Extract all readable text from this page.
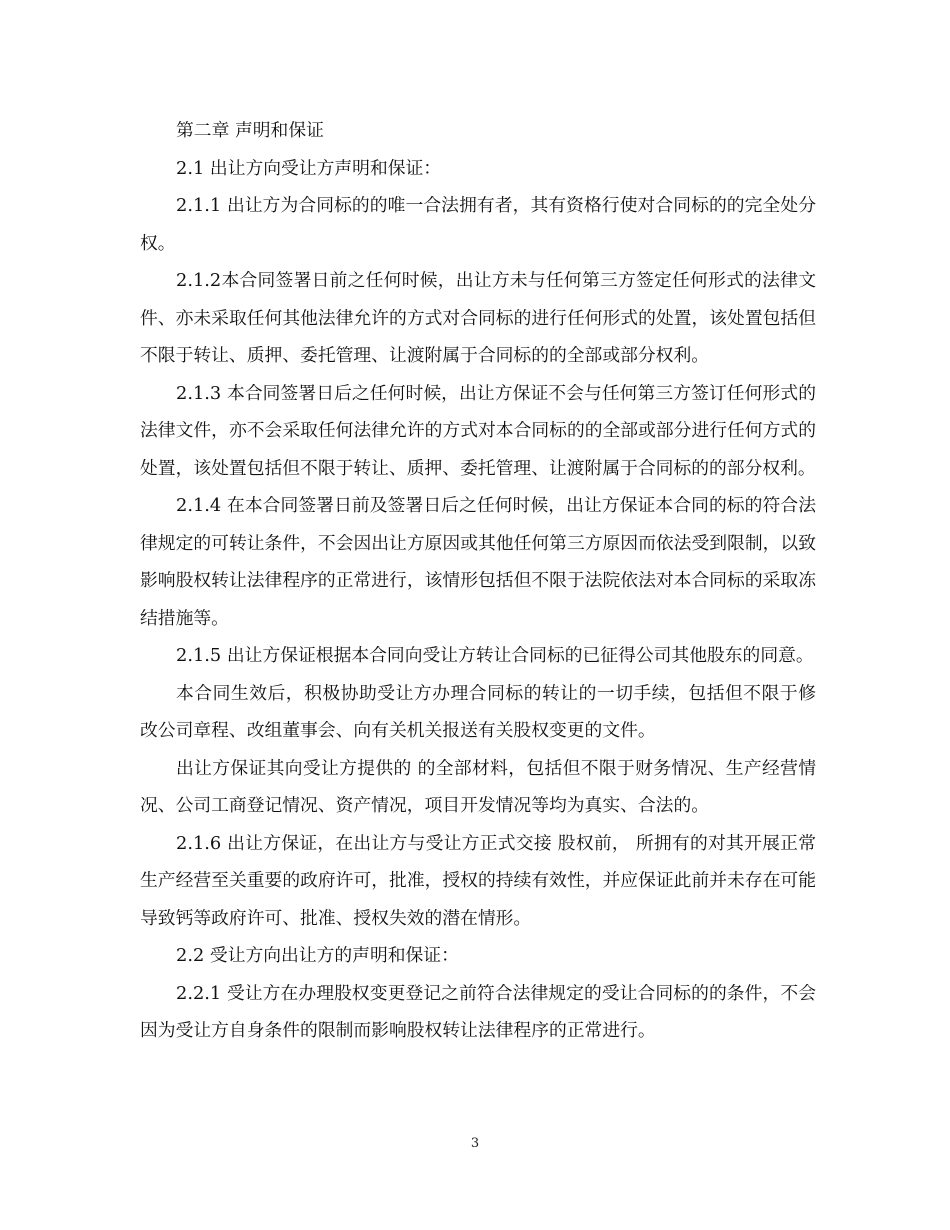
第二章 声明和保证

2.1 出让方向受让方声明和保证：

2.1.1 出让方为合同标的的唯一合法拥有者，其有资格行使对合同标的的完全处分权。

2.1.2本合同签署日前之任何时候，出让方未与任何第三方签定任何形式的法律文件、亦未采取任何其他法律允许的方式对合同标的进行任何形式的处置，该处置包括但不限于转让、质押、委托管理、让渡附属于合同标的的全部或部分权利。

2.1.3 本合同签署日后之任何时候，出让方保证不会与任何第三方签订任何形式的法律文件，亦不会采取任何法律允许的方式对本合同标的的全部或部分进行任何方式的处置，该处置包括但不限于转让、质押、委托管理、让渡附属于合同标的的部分权利。

2.1.4 在本合同签署日前及签署日后之任何时候，出让方保证本合同的标的符合法律规定的可转让条件，不会因出让方原因或其他任何第三方原因而依法受到限制，以致影响股权转让法律程序的正常进行，该情形包括但不限于法院依法对本合同标的采取冻结措施等。

2.1.5 出让方保证根据本合同向受让方转让合同标的已征得公司其他股东的同意。

本合同生效后，积极协助受让方办理合同标的转让的一切手续，包括但不限于修改公司章程、改组董事会、向有关机关报送有关股权变更的文件。

出让方保证其向受让方提供的 的全部材料，包括但不限于财务情况、生产经营情况、公司工商登记情况、资产情况，项目开发情况等均为真实、合法的。

2.1.6 出让方保证，在出让方与受让方正式交接 股权前， 所拥有的对其开展正常生产经营至关重要的政府许可，批准，授权的持续有效性，并应保证此前并未存在可能导致钙等政府许可、批准、授权失效的潜在情形。

2.2 受让方向出让方的声明和保证：

2.2.1 受让方在办理股权变更登记之前符合法律规定的受让合同标的的条件，不会因为受让方自身条件的限制而影响股权转让法律程序的正常进行。

3
